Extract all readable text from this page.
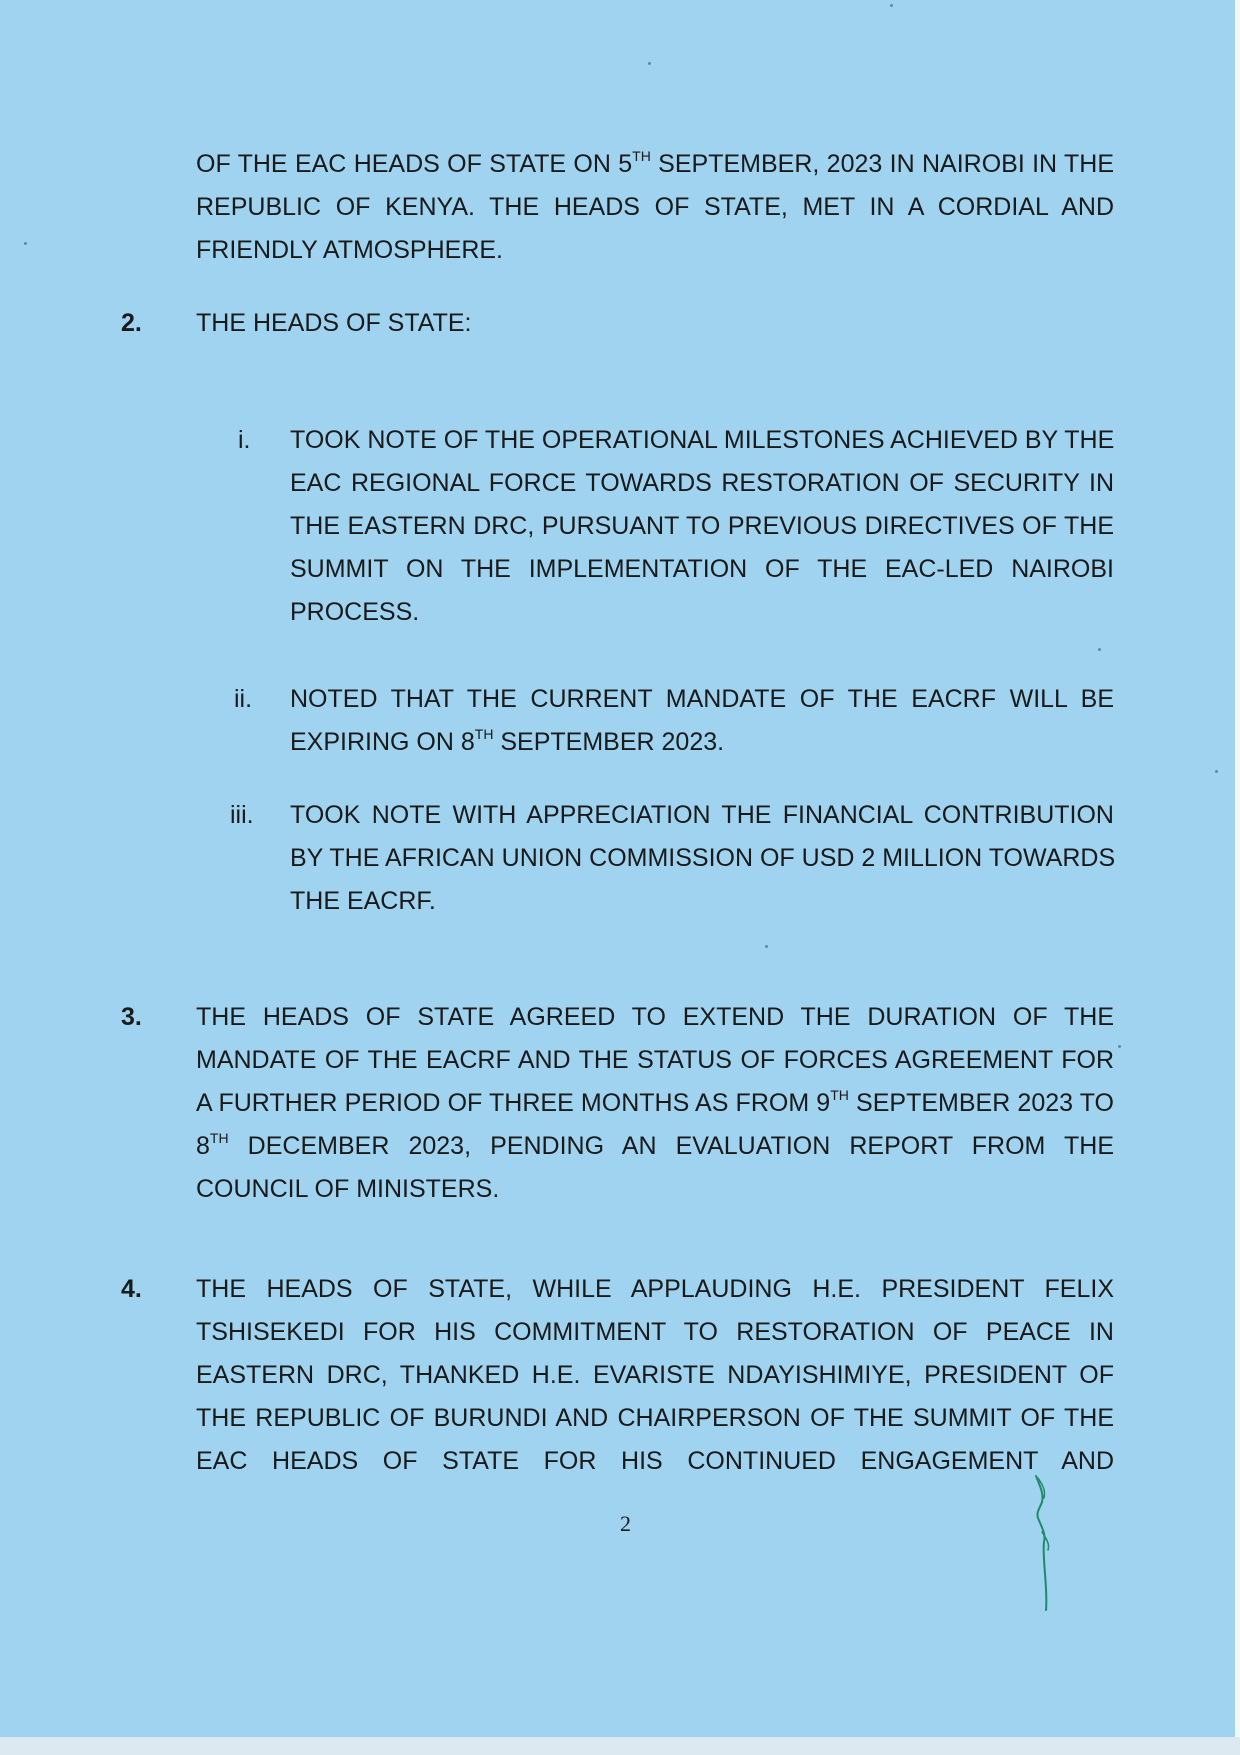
OF THE EAC HEADS OF STATE ON 5TH SEPTEMBER, 2023 IN NAIROBI IN THE
REPUBLIC OF KENYA. THE HEADS OF STATE, MET IN A CORDIAL AND
FRIENDLY ATMOSPHERE.
2. THE HEADS OF STATE:
i. TOOK NOTE OF THE OPERATIONAL MILESTONES ACHIEVED BY THE
EAC REGIONAL FORCE TOWARDS RESTORATION OF SECURITY IN
THE EASTERN DRC, PURSUANT TO PREVIOUS DIRECTIVES OF THE
SUMMIT ON THE IMPLEMENTATION OF THE EAC-LED NAIROBI
PROCESS.
ii. NOTED THAT THE CURRENT MANDATE OF THE EACRF WILL BE
EXPIRING ON 8TH SEPTEMBER 2023.
iii. TOOK NOTE WITH APPRECIATION THE FINANCIAL CONTRIBUTION
BY THE AFRICAN UNION COMMISSION OF USD 2 MILLION TOWARDS
THE EACRF.
3. THE HEADS OF STATE AGREED TO EXTEND THE DURATION OF THE
MANDATE OF THE EACRF AND THE STATUS OF FORCES AGREEMENT FOR
A FURTHER PERIOD OF THREE MONTHS AS FROM 9TH SEPTEMBER 2023 TO
8TH DECEMBER 2023, PENDING AN EVALUATION REPORT FROM THE
COUNCIL OF MINISTERS.
4. THE HEADS OF STATE, WHILE APPLAUDING H.E. PRESIDENT FELIX
TSHISEKEDI FOR HIS COMMITMENT TO RESTORATION OF PEACE IN
EASTERN DRC, THANKED H.E. EVARISTE NDAYISHIMIYE, PRESIDENT OF
THE REPUBLIC OF BURUNDI AND CHAIRPERSON OF THE SUMMIT OF THE
EAC HEADS OF STATE FOR HIS CONTINUED ENGAGEMENT AND
2
